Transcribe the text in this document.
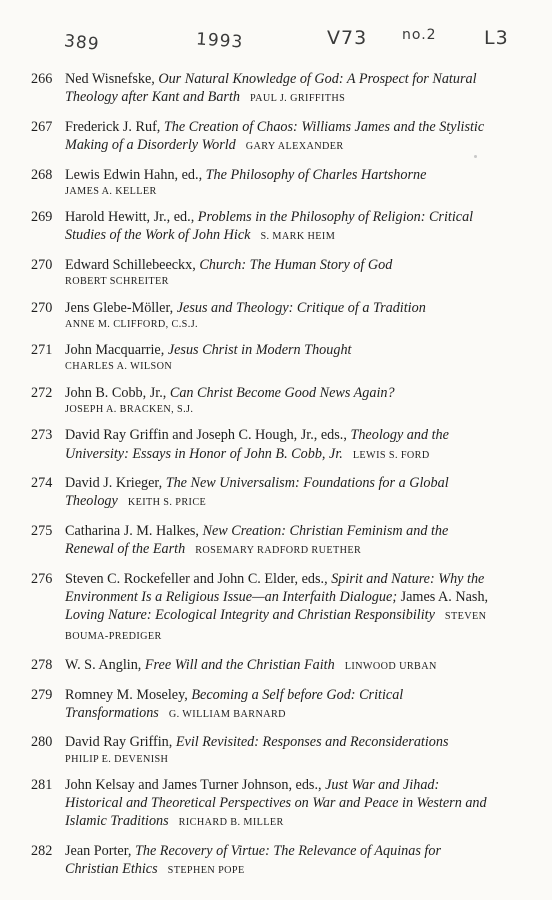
389	1993	V73 no.2 L3
266 Ned Wisnefske, Our Natural Knowledge of God: A Prospect for Natural Theology after Kant and Barth PAUL J. GRIFFITHS
267 Frederick J. Ruf, The Creation of Chaos: Williams James and the Stylistic Making of a Disorderly World GARY ALEXANDER
268 Lewis Edwin Hahn, ed., The Philosophy of Charles Hartshorne
JAMES A. KELLER
269 Harold Hewitt, Jr., ed., Problems in the Philosophy of Religion: Critical Studies of the Work of John Hick S. MARK HEIM
270 Edward Schillebeeckx, Church: The Human Story of God
ROBERT SCHREITER
270 Jens Glebe-Möller, Jesus and Theology: Critique of a Tradition
ANNE M. CLIFFORD, C.S.J.
271 John Macquarrie, Jesus Christ in Modern Thought
CHARLES A. WILSON
272 John B. Cobb, Jr., Can Christ Become Good News Again?
JOSEPH A. BRACKEN, S.J.
273 David Ray Griffin and Joseph C. Hough, Jr., eds., Theology and the University: Essays in Honor of John B. Cobb, Jr. LEWIS S. FORD
274 David J. Krieger, The New Universalism: Foundations for a Global Theology KEITH S. PRICE
275 Catharina J. M. Halkes, New Creation: Christian Feminism and the Renewal of the Earth ROSEMARY RADFORD RUETHER
276 Steven C. Rockefeller and John C. Elder, eds., Spirit and Nature: Why the Environment Is a Religious Issue—an Interfaith Dialogue; James A. Nash, Loving Nature: Ecological Integrity and Christian Responsibility STEVEN BOUMA-PREDIGER
278 W. S. Anglin, Free Will and the Christian Faith LINWOOD URBAN
279 Romney M. Moseley, Becoming a Self before God: Critical Transformations G. WILLIAM BARNARD
280 David Ray Griffin, Evil Revisited: Responses and Reconsiderations
PHILIP E. DEVENISH
281 John Kelsay and James Turner Johnson, eds., Just War and Jihad: Historical and Theoretical Perspectives on War and Peace in Western and Islamic Traditions RICHARD B. MILLER
282 Jean Porter, The Recovery of Virtue: The Relevance of Aquinas for Christian Ethics STEPHEN POPE
